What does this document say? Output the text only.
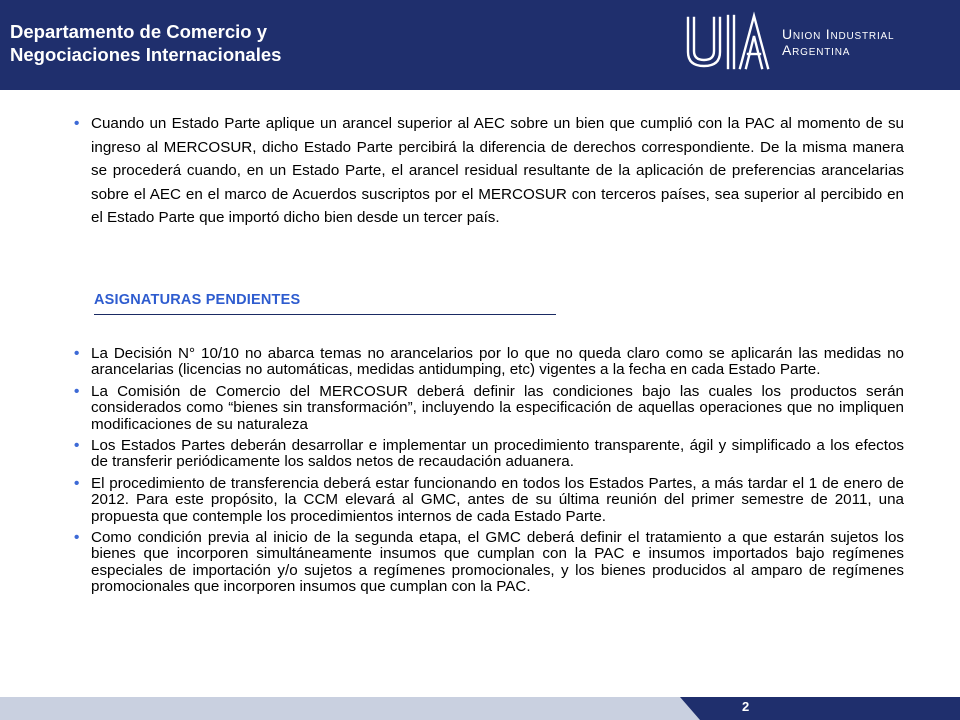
Departamento de Comercio y
Negociaciones Internacionales
Union Industrial
Argentina
• Cuando un Estado Parte aplique un arancel superior al AEC sobre un bien que cumplió con la PAC al momento de su ingreso al MERCOSUR, dicho Estado Parte percibirá la diferencia de derechos correspondiente. De la misma manera se procederá cuando, en un Estado Parte, el arancel residual resultante de la aplicación de preferencias arancelarias sobre el AEC en el marco de Acuerdos suscriptos por el MERCOSUR con terceros países, sea superior al percibido en el Estado Parte que importó dicho bien desde un tercer país.
ASIGNATURAS PENDIENTES
• La Decisión N° 10/10 no abarca temas no arancelarios por lo que no queda claro como se aplicarán las medidas no arancelarias (licencias no automáticas, medidas antidumping, etc) vigentes a la fecha en cada Estado Parte.
• La Comisión de Comercio del MERCOSUR deberá definir las condiciones bajo las cuales los productos serán considerados como “bienes sin transformación”, incluyendo la especificación de aquellas operaciones que no impliquen modificaciones de su naturaleza
• Los Estados Partes deberán desarrollar e implementar un procedimiento transparente, ágil y simplificado a los efectos de transferir periódicamente los saldos netos de recaudación aduanera.
• El procedimiento de transferencia deberá estar funcionando en todos los Estados Partes, a más tardar el 1 de enero de 2012. Para este propósito, la CCM elevará al GMC, antes de su última reunión del primer semestre de 2011, una propuesta que contemple los procedimientos internos de cada Estado Parte.
• Como condición previa al inicio de la segunda etapa, el GMC deberá definir el tratamiento a que estarán sujetos los bienes que incorporen simultáneamente insumos que cumplan con la PAC e insumos importados bajo regímenes especiales de importación y/o sujetos a regímenes promocionales, y los bienes producidos al amparo de regímenes promocionales que incorporen insumos que cumplan con la PAC.
2
